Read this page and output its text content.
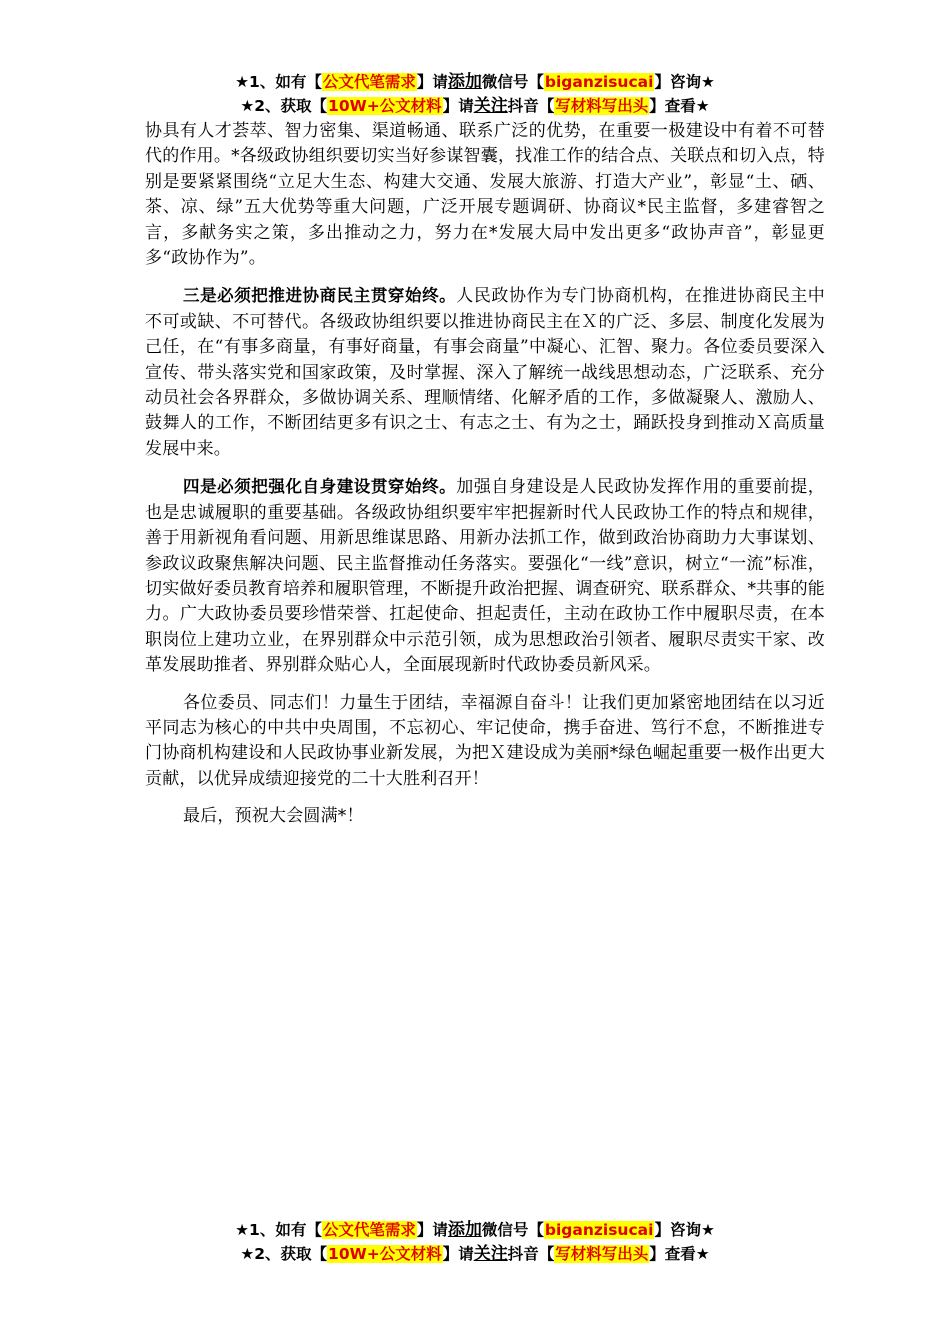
★1、如有【公文代笔需求】请添加微信号【biganzisucai】咨询★
★2、获取【10W+公文材料】请关注抖音【写材料写出头】查看★

协具有人才荟萃、智力密集、渠道畅通、联系广泛的优势，在重要一极建设中有着不可替代的作用。*各级政协组织要切实当好参谋智囊，找准工作的结合点、关联点和切入点，特别是要紧紧围绕“立足大生态、构建大交通、发展大旅游、打造大产业”，彰显“土、硒、茶、凉、绿”五大优势等重大问题，广泛开展专题调研、协商议*民主监督，多建睿智之言，多献务实之策，多出推动之力，努力在*发展大局中发出更多“政协声音”，彰显更多“政协作为”。

三是必须把推进协商民主贯穿始终。人民政协作为专门协商机构，在推进协商民主中不可或缺、不可替代。各级政协组织要以推进协商民主在Ｘ的广泛、多层、制度化发展为己任，在“有事多商量，有事好商量，有事会商量”中凝心、汇智、聚力。各位委员要深入宣传、带头落实党和国家政策，及时掌握、深入了解统一战线思想动态，广泛联系、充分动员社会各界群众，多做协调关系、理顺情绪、化解矛盾的工作，多做凝聚人、激励人、鼓舞人的工作，不断团结更多有识之士、有志之士、有为之士，踊跃投身到推动Ｘ高质量发展中来。

四是必须把强化自身建设贯穿始终。加强自身建设是人民政协发挥作用的重要前提，也是忠诚履职的重要基础。各级政协组织要牢牢把握新时代人民政协工作的特点和规律，善于用新视角看问题、用新思维谋思路、用新办法抓工作，做到政治协商助力大事谋划、参政议政聚焦解决问题、民主监督推动任务落实。要强化“一线”意识，树立“一流”标准，切实做好委员教育培养和履职管理，不断提升政治把握、调查研究、联系群众、*共事的能力。广大政协委员要珍惜荣誉、扛起使命、担起责任，主动在政协工作中履职尽责，在本职岗位上建功立业，在界别群众中示范引领，成为思想政治引领者、履职尽责实干家、改革发展助推者、界别群众贴心人，全面展现新时代政协委员新风采。

各位委员、同志们！力量生于团结，幸福源自奋斗！让我们更加紧密地团结在以习近平同志为核心的中共中央周围，不忘初心、牢记使命，携手奋进、笃行不怠，不断推进专门协商机构建设和人民政协事业新发展，为把Ｘ建设成为美丽*绿色崛起重要一极作出更大贡献，以优异成绩迎接党的二十大胜利召开！

最后，预祝大会圆满*！

★1、如有【公文代笔需求】请添加微信号【biganzisucai】咨询★
★2、获取【10W+公文材料】请关注抖音【写材料写出头】查看★
